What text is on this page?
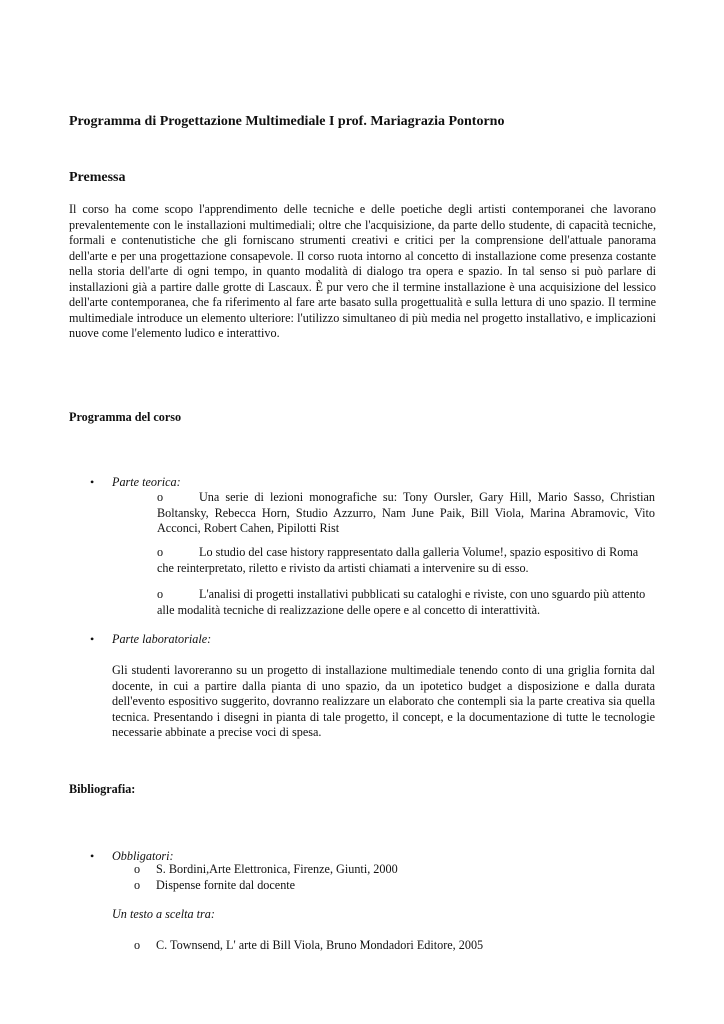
Programma di Progettazione Multimediale I prof. Mariagrazia Pontorno
Premessa
Il corso ha come scopo l'apprendimento delle tecniche e delle poetiche degli artisti contemporanei che lavorano
prevalentemente con le installazioni multimediali; oltre che l'acquisizione, da parte dello studente, di capacità tecniche,
formali e contenutistiche che gli forniscano strumenti creativi e critici per la comprensione dell'attuale panorama
dell'arte e per una progettazione consapevole. Il corso ruota intorno al concetto di installazione come presenza costante
nella storia dell'arte di ogni tempo, in quanto modalità di dialogo tra opera e spazio. In tal senso si può parlare di
installazioni già a partire dalle grotte di Lascaux. È pur vero che il termine installazione è una acquisizione del lessico
dell'arte contemporanea, che fa riferimento al fare arte basato sulla progettualità e sulla lettura di uno spazio. Il termine
multimediale introduce un elemento ulteriore: l'utilizzo simultaneo di più media nel progetto installativo, e implicazioni
nuove come l'elemento ludico e interattivo.
Programma del corso
• Parte teorica:
o	Una serie di lezioni monografiche su: Tony Oursler, Gary Hill, Mario Sasso, Christian
Boltansky, Rebecca Horn, Studio Azzurro, Nam June Paik, Bill Viola, Marina Abramovic, Vito
Acconci, Robert Cahen, Pipilotti Rist
o	Lo studio del case history rappresentato dalla galleria Volume!, spazio espositivo di Roma
che reinterpretato, riletto e rivisto da artisti chiamati a intervenire su di esso.
o	L'analisi di progetti installativi pubblicati su cataloghi e riviste, con uno sguardo più attento
alle modalità tecniche di realizzazione delle opere e al concetto di interattività.
• Parte laboratoriale:
Gli studenti lavoreranno su un progetto di installazione multimediale tenendo conto di una griglia fornita dal
docente, in cui a partire dalla pianta di uno spazio, da un ipotetico budget a disposizione e dalla durata
dell'evento espositivo suggerito, dovranno realizzare un elaborato che contempli sia la parte creativa sia quella
tecnica. Presentando i disegni in pianta di tale progetto, il concept, e la documentazione di tutte le tecnologie
necessarie abbinate a precise voci di spesa.
Bibliografia:
• Obbligatori:
o S. Bordini,Arte Elettronica, Firenze, Giunti, 2000
o Dispense fornite dal docente
Un testo a scelta tra:
o C. Townsend, L' arte di Bill Viola, Bruno Mondadori Editore, 2005
